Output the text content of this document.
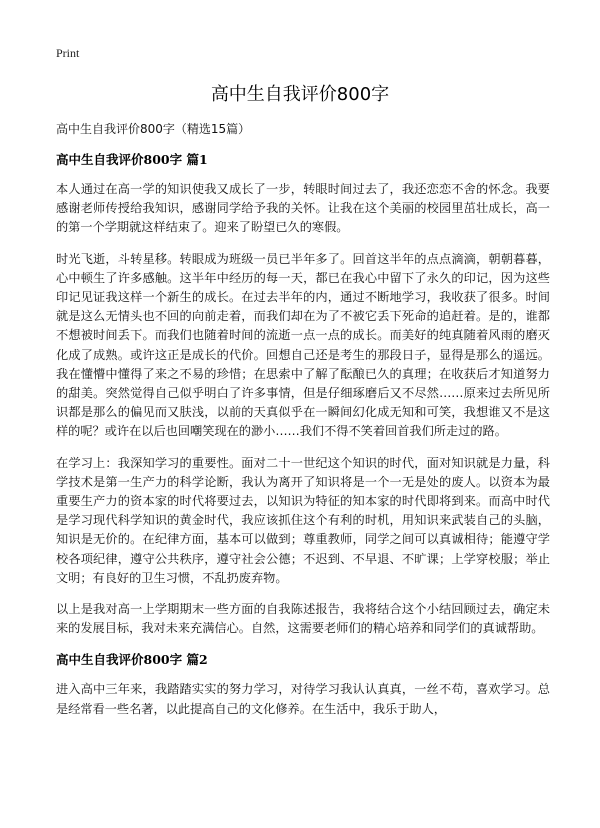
Print
高中生自我评价800字

高中生自我评价800字（精选15篇）

高中生自我评价800字 篇1

本人通过在高一学的知识使我又成长了一步，转眼时间过去了，我还恋恋不舍的怀念。我要感谢老师传授给我知识，感谢同学给予我的关怀。让我在这个美丽的校园里茁壮成长，高一的第一个学期就这样结束了。迎来了盼望已久的寒假。

时光飞逝，斗转星移。转眼成为班级一员已半年多了。回首这半年的点点滴滴，朝朝暮暮，心中顿生了许多感触。这半年中经历的每一天，都已在我心中留下了永久的印记，因为这些印记见证我这样一个新生的成长。在过去半年的内，通过不断地学习，我收获了很多。时间就是这么无情头也不回的向前走着，而我们却在为了不被它丢下死命的追赶着。是的，谁都不想被时间丢下。而我们也随着时间的流逝一点一点的成长。而美好的纯真随着风雨的磨灭化成了成熟。或许这正是成长的代价。回想自己还是考生的那段日子，显得是那么的遥远。我在懂懵中懂得了来之不易的珍惜；在思索中了解了酝酿已久的真理；在收获后才知道努力的甜美。突然觉得自己似乎明白了许多事情，但是仔细琢磨后又不尽然……原来过去所见所识都是那么的偏见而又肤浅，以前的天真似乎在一瞬间幻化成无知和可笑，我想谁又不是这样的呢？或许在以后也回嘲笑现在的渺小……我们不得不笑着回首我们所走过的路。

在学习上：我深知学习的重要性。面对二十一世纪这个知识的时代，面对知识就是力量，科学技术是第一生产力的科学论断，我认为离开了知识将是一个一无是处的废人。以资本为最 重要生产力的资本家的时代将要过去，以知识为特征的知本家的时代即将到来。而高中时代是学习现代科学知识的黄金时代，我应该抓住这个有利的时机，用知识来武装自己的头脑，知识是无价的。在纪律方面，基本可以做到；尊重教师，同学之间可以真诚相待；能遵守学校各项纪律，遵守公共秩序，遵守社会公德；不迟到、不早退、不旷课；上学穿校服；举止文明；有良好的卫生习惯，不乱扔废弃物。

以上是我对高一上学期期末一些方面的自我陈述报告，我将结合这个小结回顾过去，确定未来的发展目标，我对未来充满信心。自然，这需要老师们的精心培养和同学们的真诚帮助。

高中生自我评价800字 篇2

进入高中三年来，我踏踏实实的努力学习，对待学习我认认真真，一丝不苟，喜欢学习。总是经常看一些名著，以此提高自己的文化修养。在生活中，我乐于助人，
